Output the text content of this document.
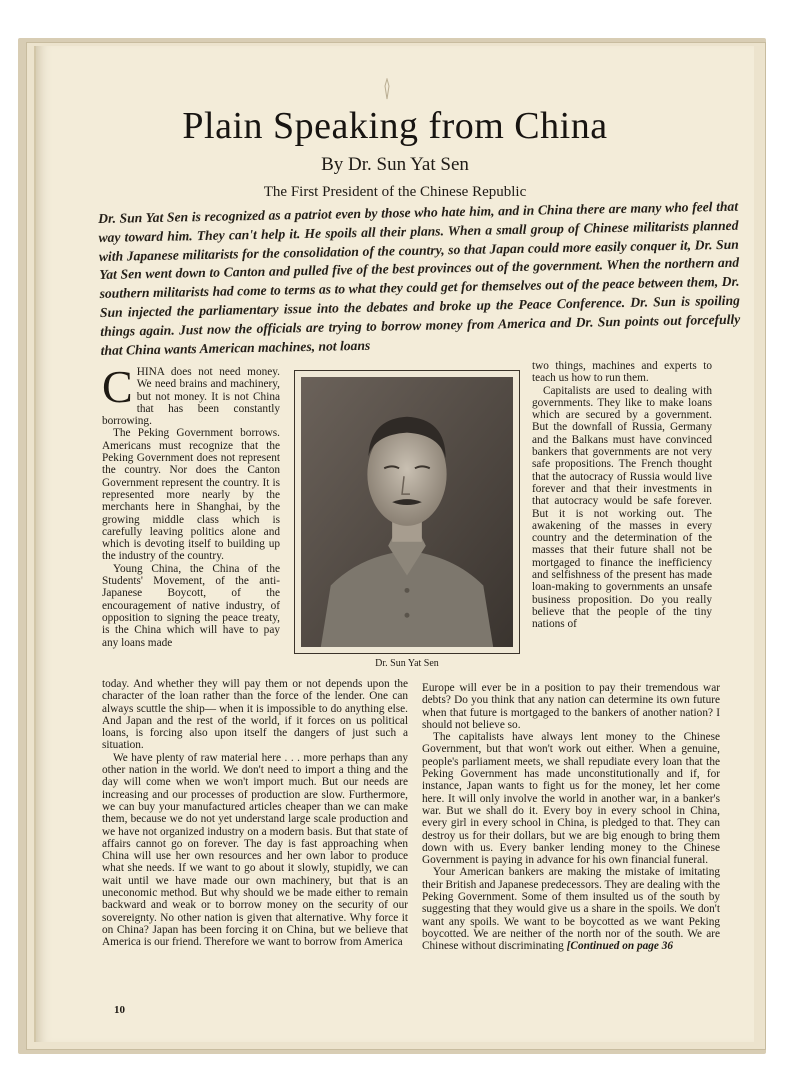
Plain Speaking from China

By Dr. Sun Yat Sen

The First President of the Chinese Republic

Dr. Sun Yat Sen is recognized as a patriot even by those who hate him, and in China there are many who feel that way toward him. They can't help it. He spoils all their plans. When a small group of Chinese militarists planned with Japanese militarists for the consolidation of the country, so that Japan could more easily conquer it, Dr. Sun Yat Sen went down to Canton and pulled five of the best provinces out of the government. When the northern and southern militarists had come to terms as to what they could get for themselves out of the peace between them, Dr. Sun injected the parliamentary issue into the debates and broke up the Peace Conference. Dr. Sun is spoiling things again. Just now the officials are trying to borrow money from America and Dr. Sun points out forcefully that China wants American machines, not loans

CHINA does not need money. We need brains and machinery, but not money. It is not China that has been constantly borrowing.

The Peking Government borrows. Americans must recognize that the Peking Government does not represent the country. Nor does the Canton Government represent the country. It is represented more nearly by the merchants here in Shanghai, by the growing middle class which is carefully leaving politics alone and which is devoting itself to building up the industry of the country.

Young China, the China of the Students' Movement, of the anti-Japanese Boycott, of the encouragement of native industry, of opposition to signing the peace treaty, is the China which will have to pay any loans made

Dr. Sun Yat Sen

two things, machines and experts to teach us how to run them.

Capitalists are used to dealing with governments. They like to make loans which are secured by a government. But the downfall of Russia, Germany and the Balkans must have convinced bankers that governments are not very safe propositions. The French thought that the autocracy of Russia would live forever and that their investments in that autocracy would be safe forever. But it is not working out. The awakening of the masses in every country and the determination of the masses that their future shall not be mortgaged to finance the inefficiency and selfishness of the present has made loan-making to governments an unsafe business proposition. Do you really believe that the people of the tiny nations of

today. And whether they will pay them or not depends upon the character of the loan rather than the force of the lender. One can always scuttle the ship— when it is impossible to do anything else. And Japan and the rest of the world, if it forces on us political loans, is forcing also upon itself the dangers of just such a situation.

We have plenty of raw material here . . . more perhaps than any other nation in the world. We don't need to import a thing and the day will come when we won't import much. But our needs are increasing and our processes of production are slow. Furthermore, we can buy your manufactured articles cheaper than we can make them, because we do not yet understand large scale production and we have not organized industry on a modern basis. But that state of affairs cannot go on forever. The day is fast approaching when China will use her own resources and her own labor to produce what she needs. If we want to go about it slowly, stupidly, we can wait until we have made our own machinery, but that is an uneconomic method. But why should we be made either to remain backward and weak or to borrow money on the security of our sovereignty. No other nation is given that alternative. Why force it on China? Japan has been forcing it on China, but we believe that America is our friend. Therefore we want to borrow from America

Europe will ever be in a position to pay their tremendous war debts? Do you think that any nation can determine its own future when that future is mortgaged to the bankers of another nation? I should not believe so.

The capitalists have always lent money to the Chinese Government, but that won't work out either. When a genuine, people's parliament meets, we shall repudiate every loan that the Peking Government has made unconstitutionally and if, for instance, Japan wants to fight us for the money, let her come here. It will only involve the world in another war, in a banker's war. But we shall do it. Every boy in every school in China, every girl in every school in China, is pledged to that. They can destroy us for their dollars, but we are big enough to bring them down with us. Every banker lending money to the Chinese Government is paying in advance for his own financial funeral.

Your American bankers are making the mistake of imitating their British and Japanese predecessors. They are dealing with the Peking Government. Some of them insulted us of the south by suggesting that they would give us a share in the spoils. We don't want any spoils. We want to be boycotted as we want Peking boycotted. We are neither of the north nor of the south. We are Chinese without discriminating [Continued on page 36

10
